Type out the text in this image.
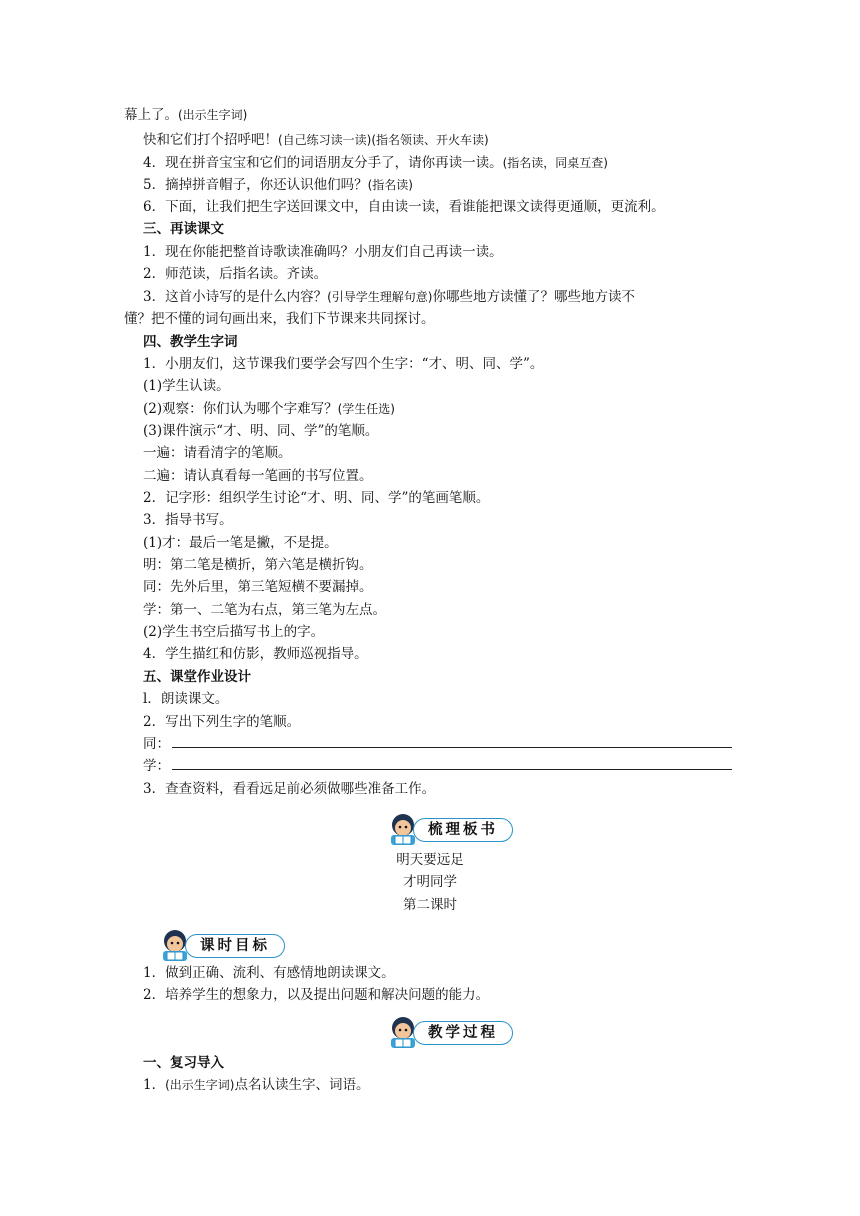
幕上了。(出示生字词)
快和它们打个招呼吧！(自己练习读一读)(指名领读、开火车读)
4．现在拼音宝宝和它们的词语朋友分手了，请你再读一读。(指名读，同桌互查)
5．摘掉拼音帽子，你还认识他们吗？(指名读)
6．下面，让我们把生字送回课文中，自由读一读，看谁能把课文读得更通顺，更流利。
三、再读课文
1．现在你能把整首诗歌读准确吗？小朋友们自己再读一读。
2．师范读，后指名读。齐读。
3．这首小诗写的是什么内容？(引导学生理解句意)你哪些地方读懂了？哪些地方读不
懂？把不懂的词句画出来，我们下节课来共同探讨。
四、教学生字词
1．小朋友们，这节课我们要学会写四个生字：“才、明、同、学”。
(1)学生认读。
(2)观察：你们认为哪个字难写？(学生任选)
(3)课件演示“才、明、同、学”的笔顺。
一遍：请看清字的笔顺。
二遍：请认真看每一笔画的书写位置。
2．记字形：组织学生讨论“才、明、同、学”的笔画笔顺。
3．指导书写。
(1)才：最后一笔是撇，不是提。
明：第二笔是横折，第六笔是横折钩。
同：先外后里，第三笔短横不要漏掉。
学：第一、二笔为右点，第三笔为左点。
(2)学生书空后描写书上的字。
4．学生描红和仿影，教师巡视指导。
五、课堂作业设计
l．朗读课文。
2．写出下列生字的笔顺。
同：
学：
3．查查资料，看看远足前必须做哪些准备工作。
梳理板书
明天要远足
才明同学
第二课时
课时目标
1．做到正确、流利、有感情地朗读课文。
2．培养学生的想象力，以及提出问题和解决问题的能力。
教学过程
一、复习导入
1．(出示生字词)点名认读生字、词语。
